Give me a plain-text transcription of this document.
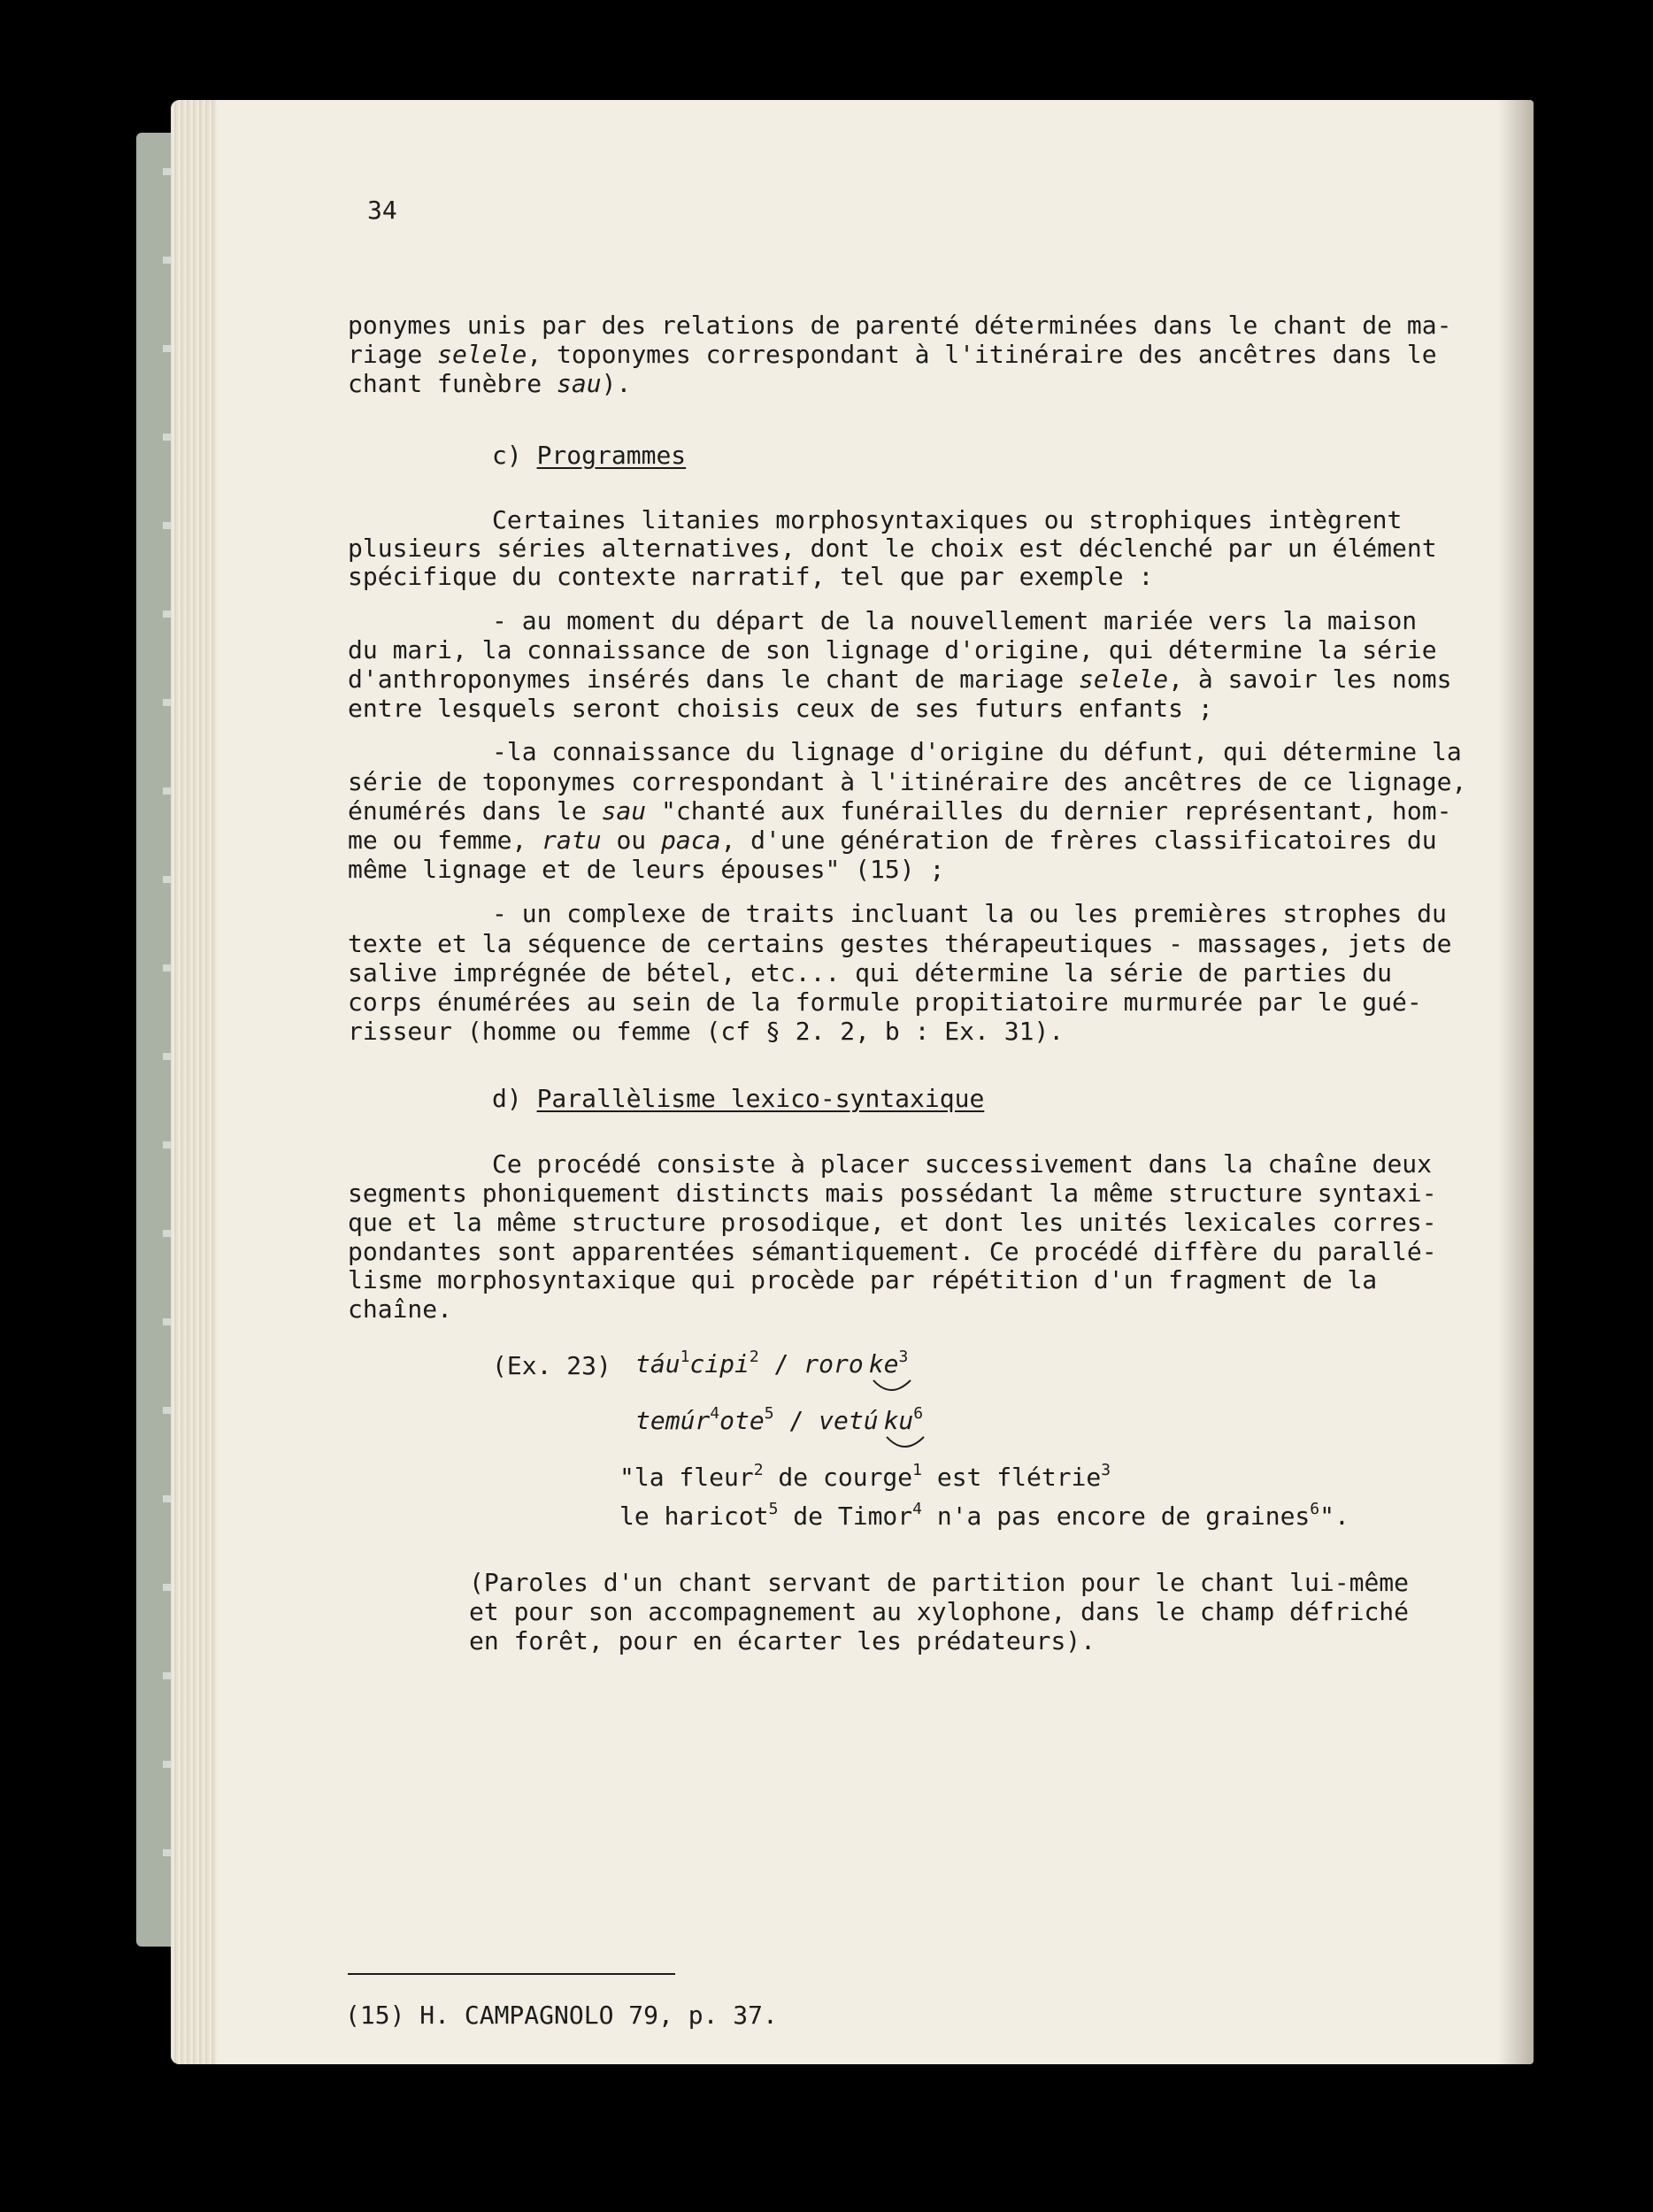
34
ponymes unis par des relations de parenté déterminées dans le chant de ma-
riage selele, toponymes correspondant à l'itinéraire des ancêtres dans le
chant funèbre sau).
c) Programmes
Certaines litanies morphosyntaxiques ou strophiques intègrent
plusieurs séries alternatives, dont le choix est déclenché par un élément
spécifique du contexte narratif, tel que par exemple :
- au moment du départ de la nouvellement mariée vers la maison
du mari, la connaissance de son lignage d'origine, qui détermine la série
d'anthroponymes insérés dans le chant de mariage selele, à savoir les noms
entre lesquels seront choisis ceux de ses futurs enfants ;
-la connaissance du lignage d'origine du défunt, qui détermine la
série de toponymes correspondant à l'itinéraire des ancêtres de ce lignage,
énumérés dans le sau "chanté aux funérailles du dernier représentant, hom-
me ou femme, ratu ou paca, d'une génération de frères classificatoires du
même lignage et de leurs épouses" (15) ;
- un complexe de traits incluant la ou les premières strophes du
texte et la séquence de certains gestes thérapeutiques - massages, jets de
salive imprégnée de bétel, etc... qui détermine la série de parties du
corps énumérées au sein de la formule propitiatoire murmurée par le gué-
risseur (homme ou femme (cf § 2. 2, b : Ex. 31).
d) Parallèlisme lexico-syntaxique
Ce procédé consiste à placer successivement dans la chaîne deux
segments phoniquement distincts mais possédant la même structure syntaxi-
que et la même structure prosodique, et dont les unités lexicales corres-
pondantes sont apparentées sémantiquement. Ce procédé diffère du parallé-
lisme morphosyntaxique qui procède par répétition d'un fragment de la
chaîne.
(Ex. 23) táu$^1$cipi$^2$ / roro $ke^3$
temúr$^4$ote$^5$ / vetú $ku^6$
"la fleur$^2$ de courge$^1$ est flétrie$^3$
le haricot$^5$ de Timor$^4$ n'a pas encore de graines$^6$".
(Paroles d'un chant servant de partition pour le chant lui-même
et pour son accompagnement au xylophone, dans le champ défriché
en forêt, pour en écarter les prédateurs).
(15) H. CAMPAGNOLO 79, p. 37.
